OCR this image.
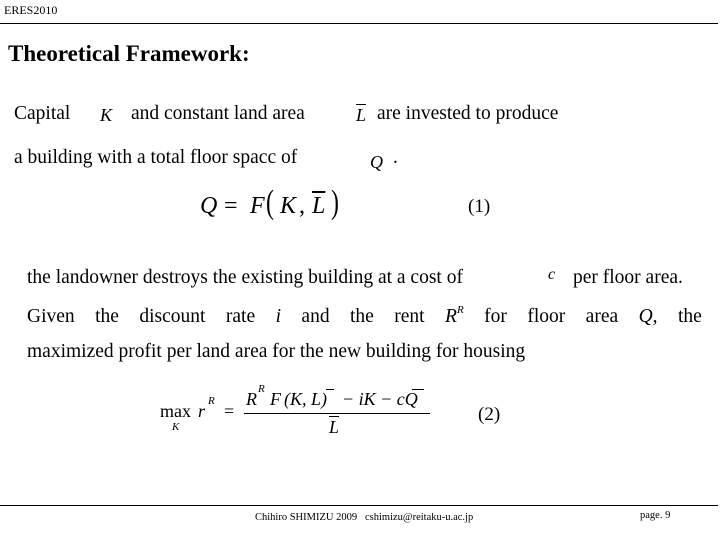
ERES2010
Theoretical Framework:
Capital K and constant land area	$\overline{L}$ are invested to produce
a building with a total floor spacc of	Q .
Q = F ( K , $\overline{L}$ )	(1)
the landowner destroys the existing building at a cost of	c per floor area.
Given the discount rate i and the rent $R^R$ for floor area Q, the
maximized profit per land area for the new building for housing
max
K
r R =
R R F (K, L) − iK − cQ
$\overline{L}$
(2)
Chihiro SHIMIZU 2009 cshimizu@reitaku-u.ac.jp	page. 9
